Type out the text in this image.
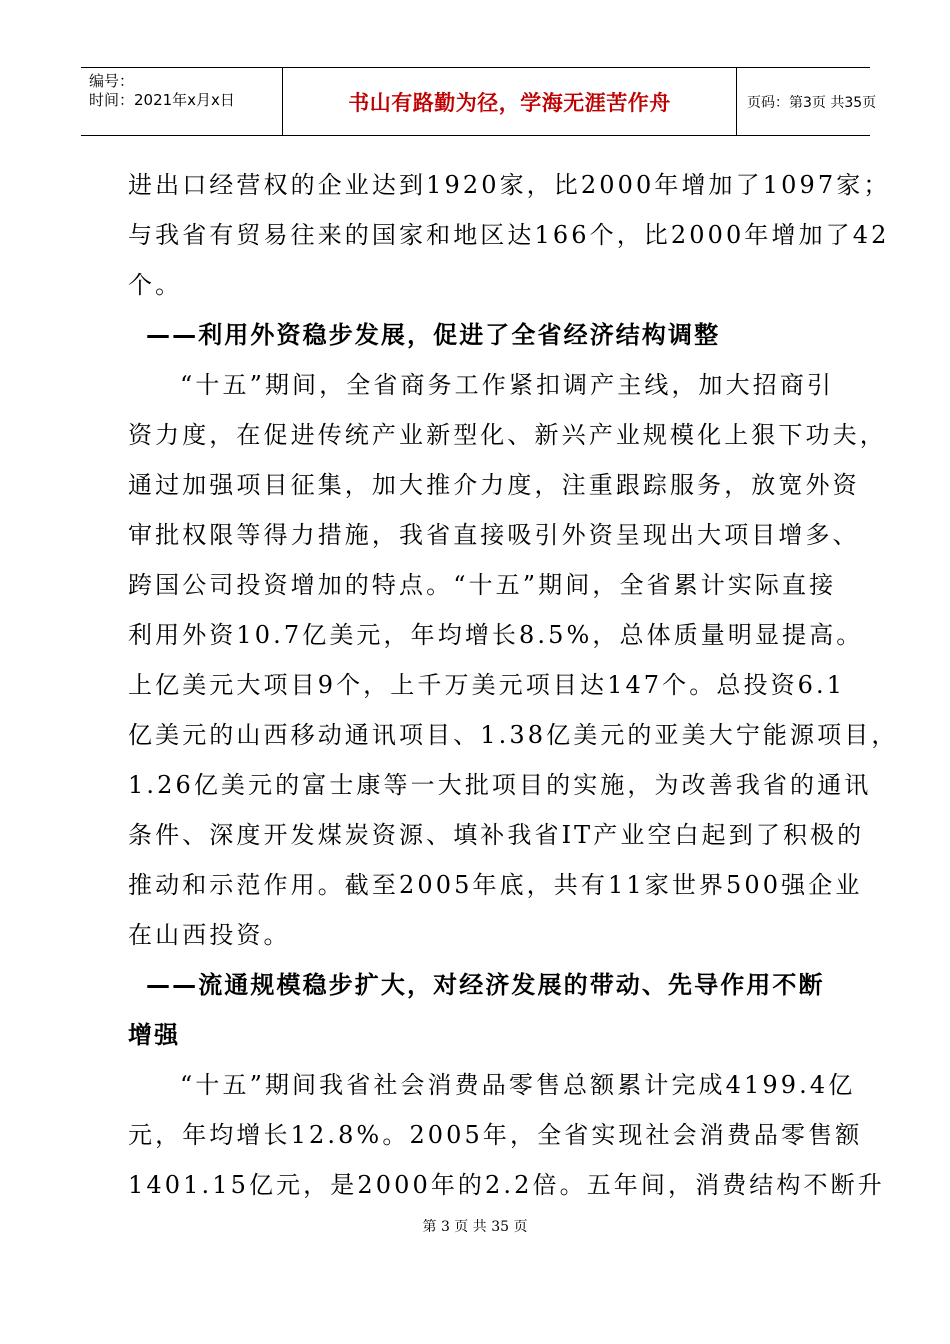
编号：
时间：2021年x月x日	书山有路勤为径，学海无涯苦作舟	页码：第3页 共35页
进出口经营权的企业达到1920家，比2000年增加了1097家；
与我省有贸易往来的国家和地区达166个，比2000年增加了42
个。
——利用外资稳步发展，促进了全省经济结构调整
“十五”期间，全省商务工作紧扣调产主线，加大招商引
资力度，在促进传统产业新型化、新兴产业规模化上狠下功夫，
通过加强项目征集，加大推介力度，注重跟踪服务，放宽外资
审批权限等得力措施，我省直接吸引外资呈现出大项目增多、
跨国公司投资增加的特点。“十五”期间，全省累计实际直接
利用外资10.7亿美元，年均增长8.5%，总体质量明显提高。
上亿美元大项目9个，上千万美元项目达147个。总投资6.1
亿美元的山西移动通讯项目、1.38亿美元的亚美大宁能源项目，
1.26亿美元的富士康等一大批项目的实施，为改善我省的通讯
条件、深度开发煤炭资源、填补我省IT产业空白起到了积极的
推动和示范作用。截至2005年底，共有11家世界500强企业
在山西投资。
——流通规模稳步扩大，对经济发展的带动、先导作用不断
增强
“十五”期间我省社会消费品零售总额累计完成4199.4亿
元，年均增长12.8%。2005年，全省实现社会消费品零售额
1401.15亿元，是2000年的2.2倍。五年间，消费结构不断升
第 3 页 共 35 页
